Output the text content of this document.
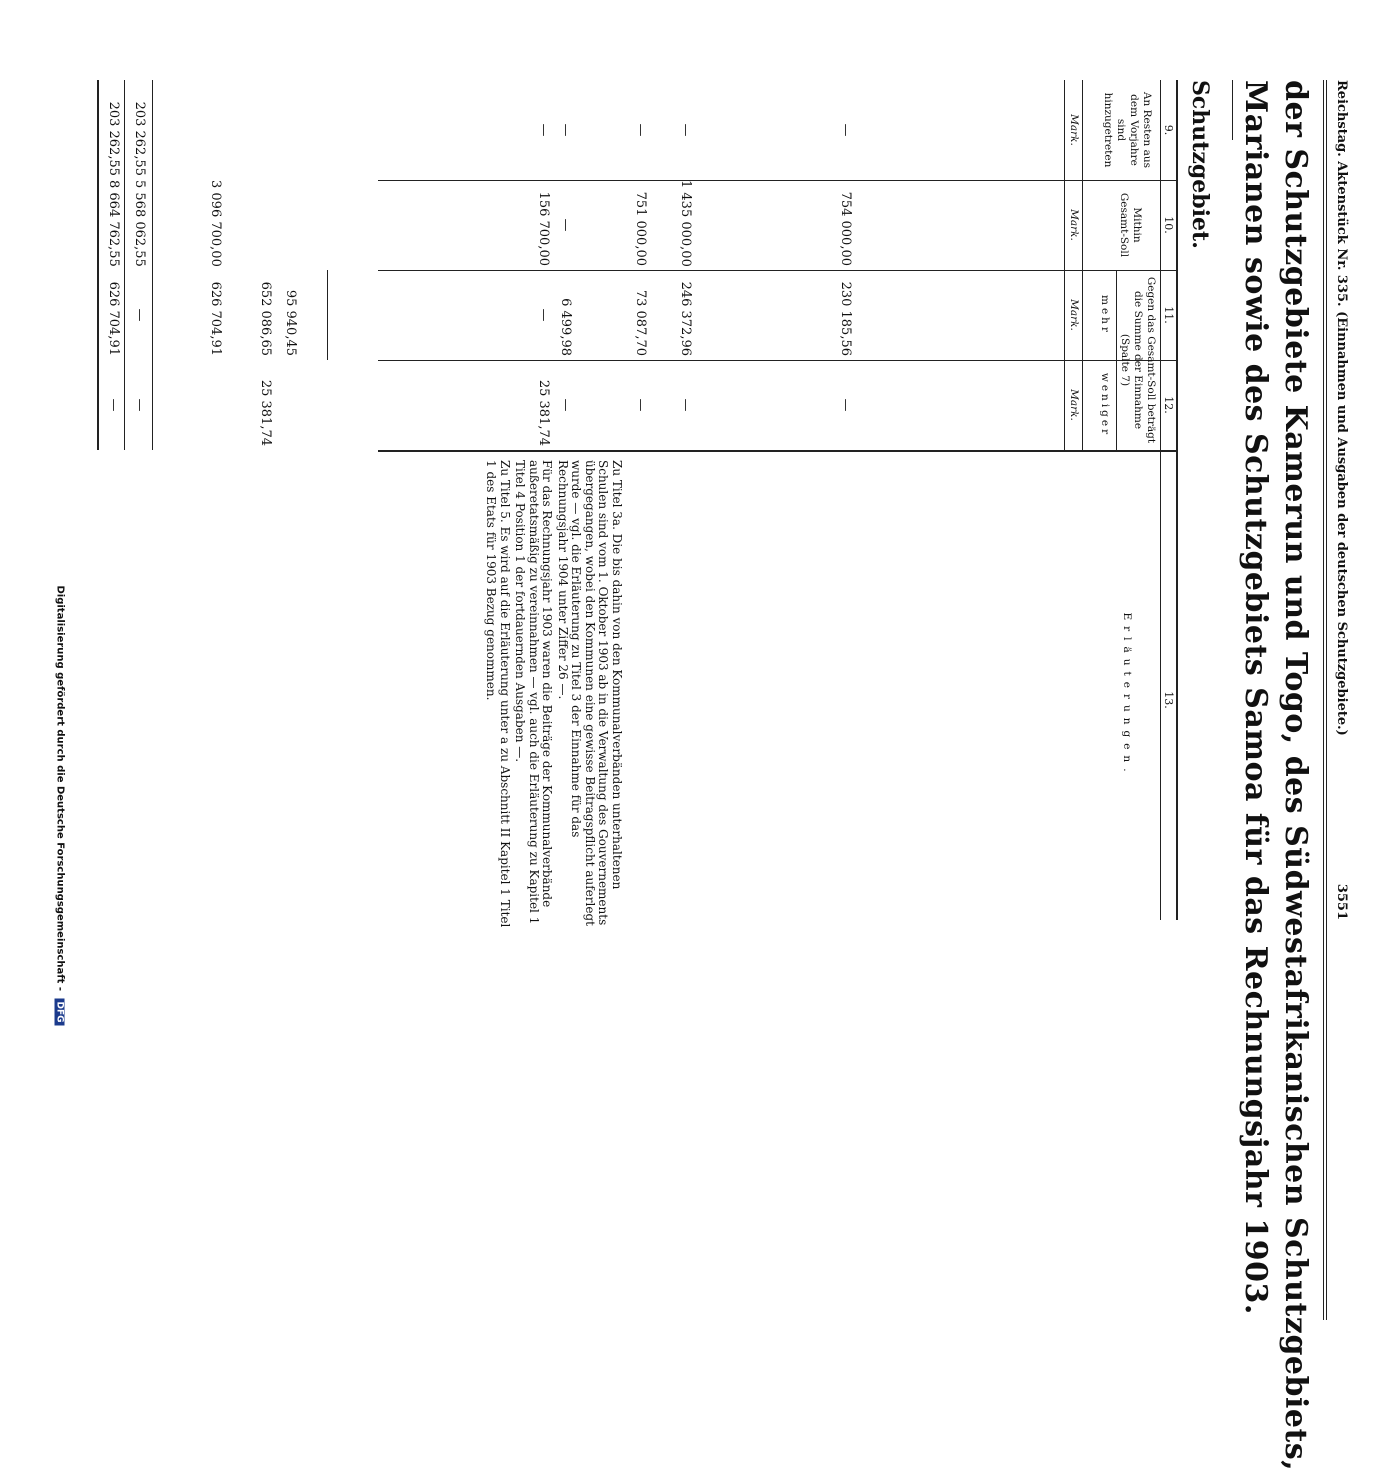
Reichstag. Aktenstück Nr. 335. (Einnahmen und Ausgaben der deutschen Schutzgebiete.)
3551
der Schutzgebiete Kamerun und Togo, des Südwestafrikanischen Schutzgebiets,
Marianen sowie des Schutzgebiets Samoa für das Rechnungsjahr 1903.
Schutzgebiet.
9.
10.
11.
12.
13.
An Resten aus dem Vorjahre sind hinzugetreten
Mithin Gesamt-Soll
Gegen das Gesamt-Soll beträgt die Summe der Einnahme (Spalte 7)
mehr
weniger
Erläuterungen.
Mark.
Mark.
Mark.
Mark.
—
754 000,00
230 185,56
—
—
1 435 000,00
246 372,96
—
—
751 000,00
73 087,70
—
—
—
6 499,98
—
—
156 700,00
—
25 381,74
95 940,45
652 086,65
25 381,74
3 096 700,00
626 704,91
203 262,55
5 568 062,55
—
—
203 262,55
8 664 762,55
626 704,91
—

Zu Titel 3a. Die bis dahin von den Kommunalverbänden unterhaltenen Schulen sind vom 1. Oktober 1903 ab in die Verwaltung des Gouvernements übergegangen, wobei den Kommunen eine gewisse Beitragspflicht auferlegt wurde — vgl. die Erläuterung zu Titel 3 der Einnahme für das Rechnungsjahr 1904 unter Ziffer 26 —.

Für das Rechnungsjahr 1903 waren die Beiträge der Kommunalverbände außeretatsmäßig zu vereinnahmen — vgl. auch die Erläuterung zu Kapitel 1 Titel 4 Position 1 der fortdauernden Ausgaben —.

Zu Titel 5. Es wird auf die Erläuterung unter a zu Abschnitt II Kapitel 1 Titel 1 des Etats für 1903 Bezug genommen.

Digitalisierung gefördert durch die Deutsche Forschungsgemeinschaft - DFG
